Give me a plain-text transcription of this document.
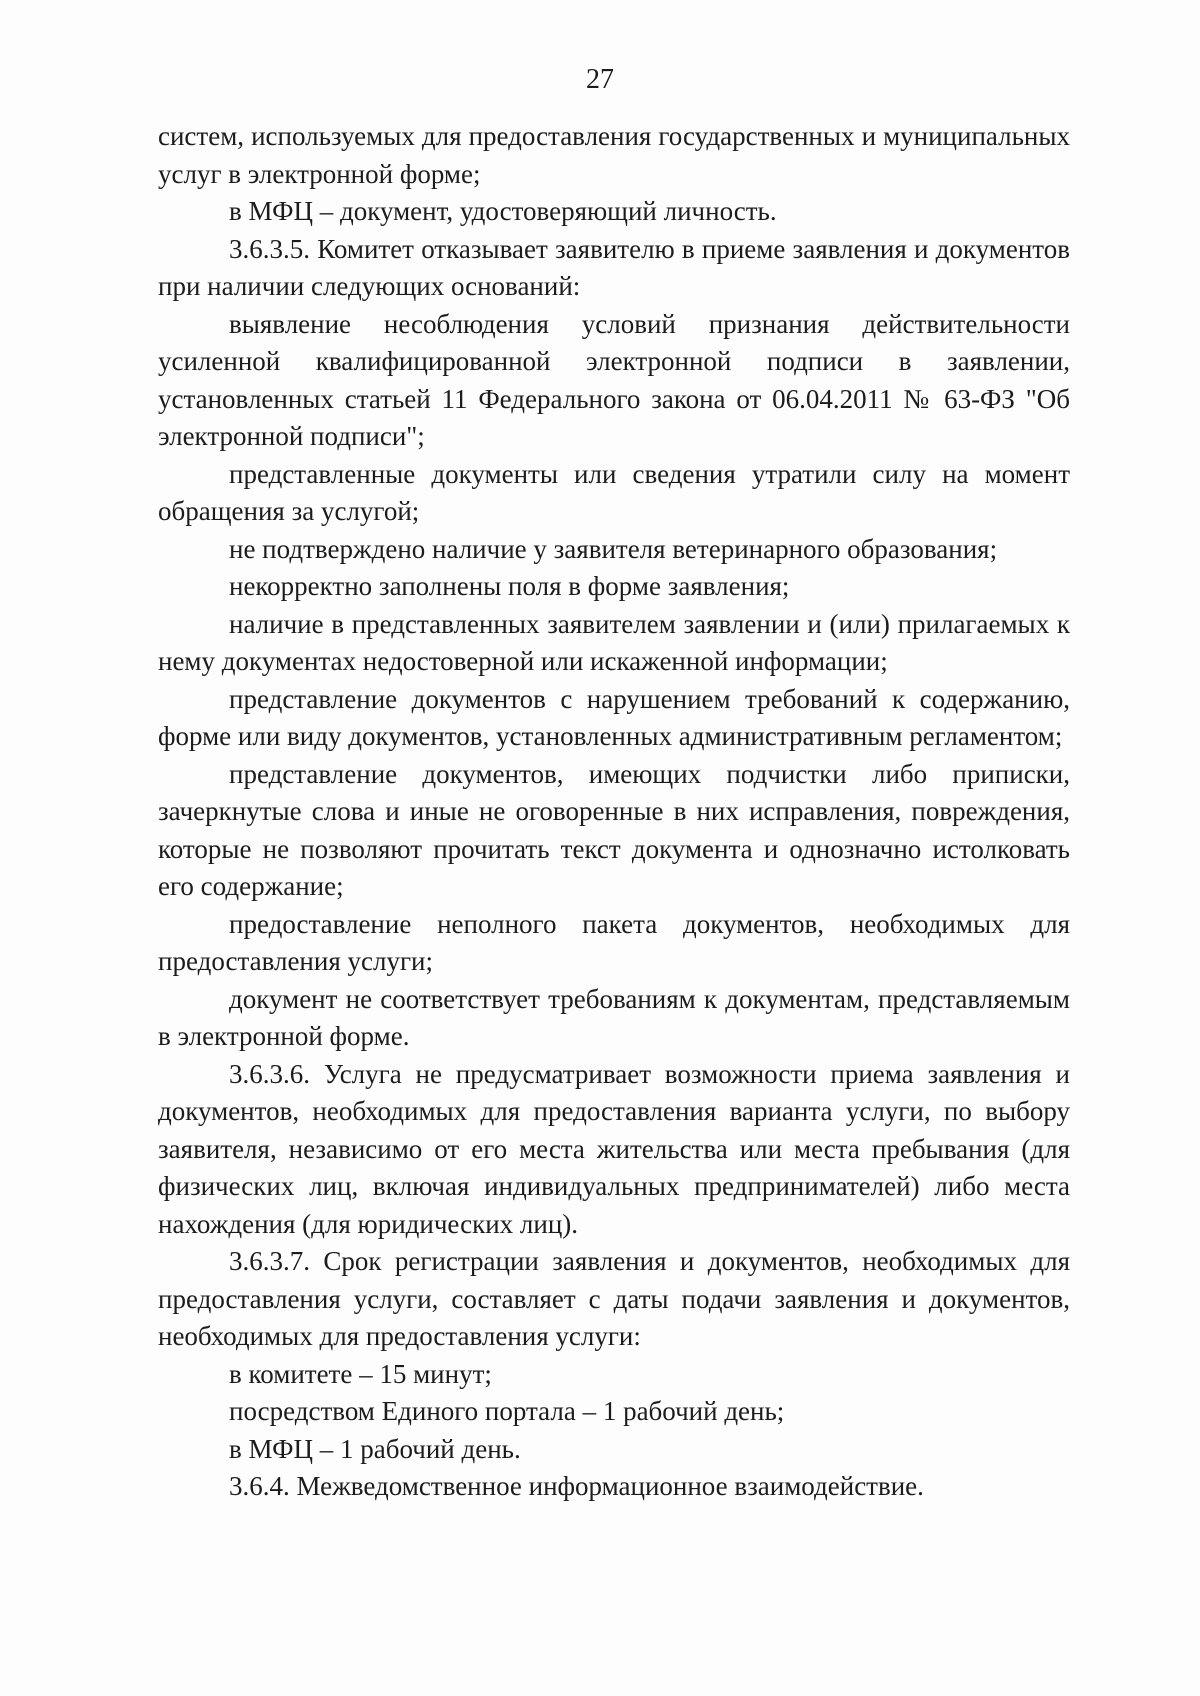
27

систем, используемых для предоставления государственных и муниципальных услуг в электронной форме;

в МФЦ – документ, удостоверяющий личность.

3.6.3.5. Комитет отказывает заявителю в приеме заявления и документов при наличии следующих оснований:

выявление несоблюдения условий признания действительности усиленной квалифицированной электронной подписи в заявлении, установленных статьей 11 Федерального закона от 06.04.2011 № 63-ФЗ "Об электронной подписи";

представленные документы или сведения утратили силу на момент обращения за услугой;

не подтверждено наличие у заявителя ветеринарного образования;

некорректно заполнены поля в форме заявления;

наличие в представленных заявителем заявлении и (или) прилагаемых к нему документах недостоверной или искаженной информации;

представление документов с нарушением требований к содержанию, форме или виду документов, установленных административным регламентом;

представление документов, имеющих подчистки либо приписки, зачеркнутые слова и иные не оговоренные в них исправления, повреждения, которые не позволяют прочитать текст документа и однозначно истолковать его содержание;

предоставление неполного пакета документов, необходимых для предоставления услуги;

документ не соответствует требованиям к документам, представляемым в электронной форме.

3.6.3.6. Услуга не предусматривает возможности приема заявления и документов, необходимых для предоставления варианта услуги, по выбору заявителя, независимо от его места жительства или места пребывания (для физических лиц, включая индивидуальных предпринимателей) либо места нахождения (для юридических лиц).

3.6.3.7. Срок регистрации заявления и документов, необходимых для предоставления услуги, составляет с даты подачи заявления и документов, необходимых для предоставления услуги:

в комитете – 15 минут;

посредством Единого портала – 1 рабочий день;

в МФЦ – 1 рабочий день.

3.6.4. Межведомственное информационное взаимодействие.
